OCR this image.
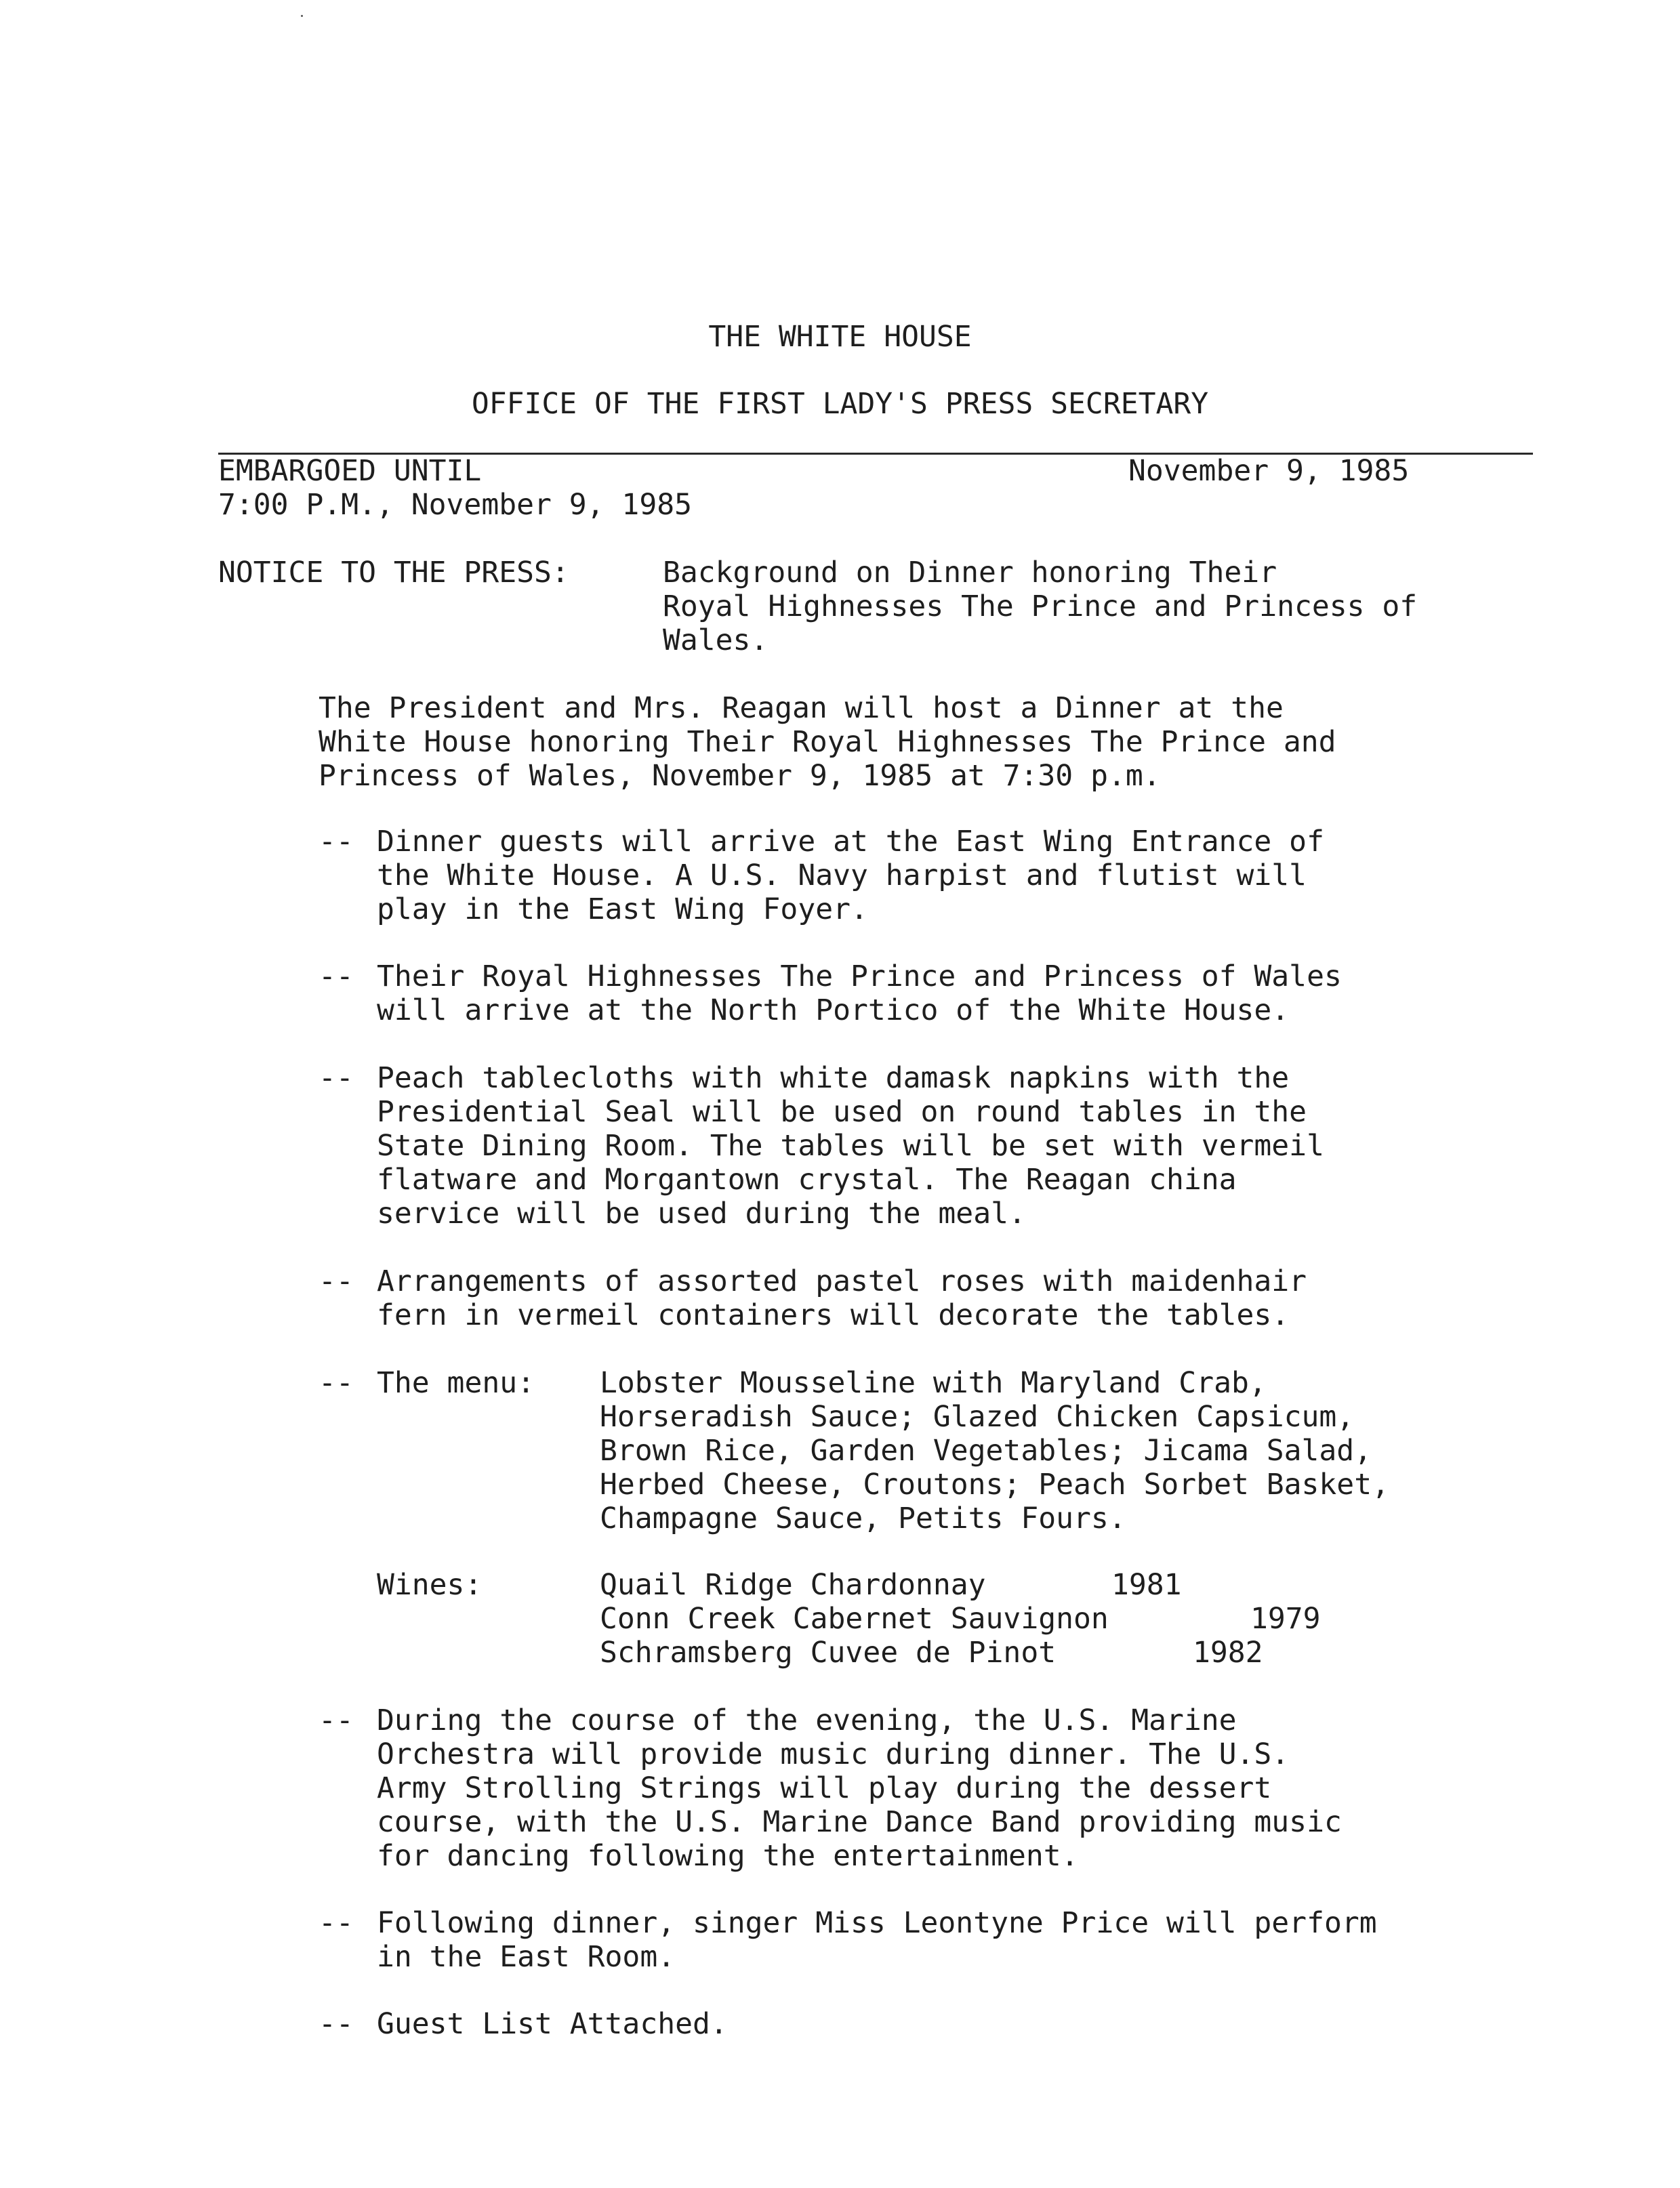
THE WHITE HOUSE
OFFICE OF THE FIRST LADY'S PRESS SECRETARY
EMBARGOED UNTIL	November 9, 1985
7:00 P.M., November 9, 1985
NOTICE TO THE PRESS:	Background on Dinner honoring Their
Royal Highnesses The Prince and Princess of
Wales.
The President and Mrs. Reagan will host a Dinner at the
White House honoring Their Royal Highnesses The Prince and
Princess of Wales, November 9, 1985 at 7:30 p.m.
-- Dinner guests will arrive at the East Wing Entrance of
the White House. A U.S. Navy harpist and flutist will
play in the East Wing Foyer.
-- Their Royal Highnesses The Prince and Princess of Wales
will arrive at the North Portico of the White House.
-- Peach tablecloths with white damask napkins with the
Presidential Seal will be used on round tables in the
State Dining Room. The tables will be set with vermeil
flatware and Morgantown crystal. The Reagan china
service will be used during the meal.
-- Arrangements of assorted pastel roses with maidenhair
fern in vermeil containers will decorate the tables.
-- The menu: Lobster Mousseline with Maryland Crab,
Horseradish Sauce; Glazed Chicken Capsicum,
Brown Rice, Garden Vegetables; Jicama Salad,
Herbed Cheese, Croutons; Peach Sorbet Basket,
Champagne Sauce, Petits Fours.
Wines:	Quail Ridge Chardonnay	1981
Conn Creek Cabernet Sauvignon	1979
Schramsberg Cuvee de Pinot	1982
-- During the course of the evening, the U.S. Marine
Orchestra will provide music during dinner. The U.S.
Army Strolling Strings will play during the dessert
course, with the U.S. Marine Dance Band providing music
for dancing following the entertainment.
-- Following dinner, singer Miss Leontyne Price will perform
in the East Room.
-- Guest List Attached.
